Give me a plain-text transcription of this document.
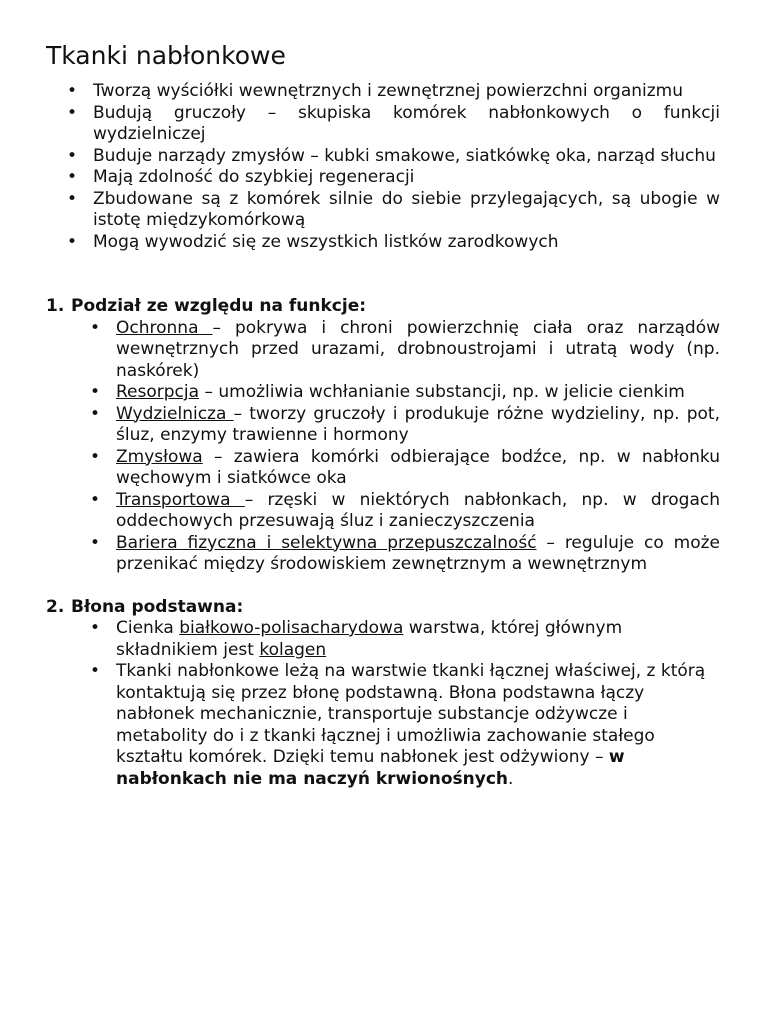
Tkanki nabłonkowe
• Tworzą wyściółki wewnętrznych i zewnętrznej powierzchni organizmu
• Budują gruczoły – skupiska komórek nabłonkowych o funkcji wydzielniczej
• Buduje narządy zmysłów – kubki smakowe, siatkówkę oka, narząd słuchu
• Mają zdolność do szybkiej regeneracji
• Zbudowane są z komórek silnie do siebie przylegających, są ubogie w istotę międzykomórkową
• Mogą wywodzić się ze wszystkich listków zarodkowych
1. Podział ze względu na funkcje:
• Ochronna – pokrywa i chroni powierzchnię ciała oraz narządów wewnętrznych przed urazami, drobnoustrojami i utratą wody (np. naskórek)
• Resorpcja – umożliwia wchłanianie substancji, np. w jelicie cienkim
• Wydzielnicza – tworzy gruczoły i produkuje różne wydzieliny, np. pot, śluz, enzymy trawienne i hormony
• Zmysłowa – zawiera komórki odbierające bodźce, np. w nabłonku węchowym i siatkówce oka
• Transportowa – rzęski w niektórych nabłonkach, np. w drogach oddechowych przesuwają śluz i zanieczyszczenia
• Bariera fizyczna i selektywna przepuszczalność – reguluje co może przenikać między środowiskiem zewnętrznym a wewnętrznym
2. Błona podstawna:
• Cienka białkowo-polisacharydowa warstwa, której głównym składnikiem jest kolagen
• Tkanki nabłonkowe leżą na warstwie tkanki łącznej właściwej, z którą kontaktują się przez błonę podstawną. Błona podstawna łączy nabłonek mechanicznie, transportuje substancje odżywcze i metabolity do i z tkanki łącznej i umożliwia zachowanie stałego kształtu komórek. Dzięki temu nabłonek jest odżywiony – w nabłonkach nie ma naczyń krwionośnych.
